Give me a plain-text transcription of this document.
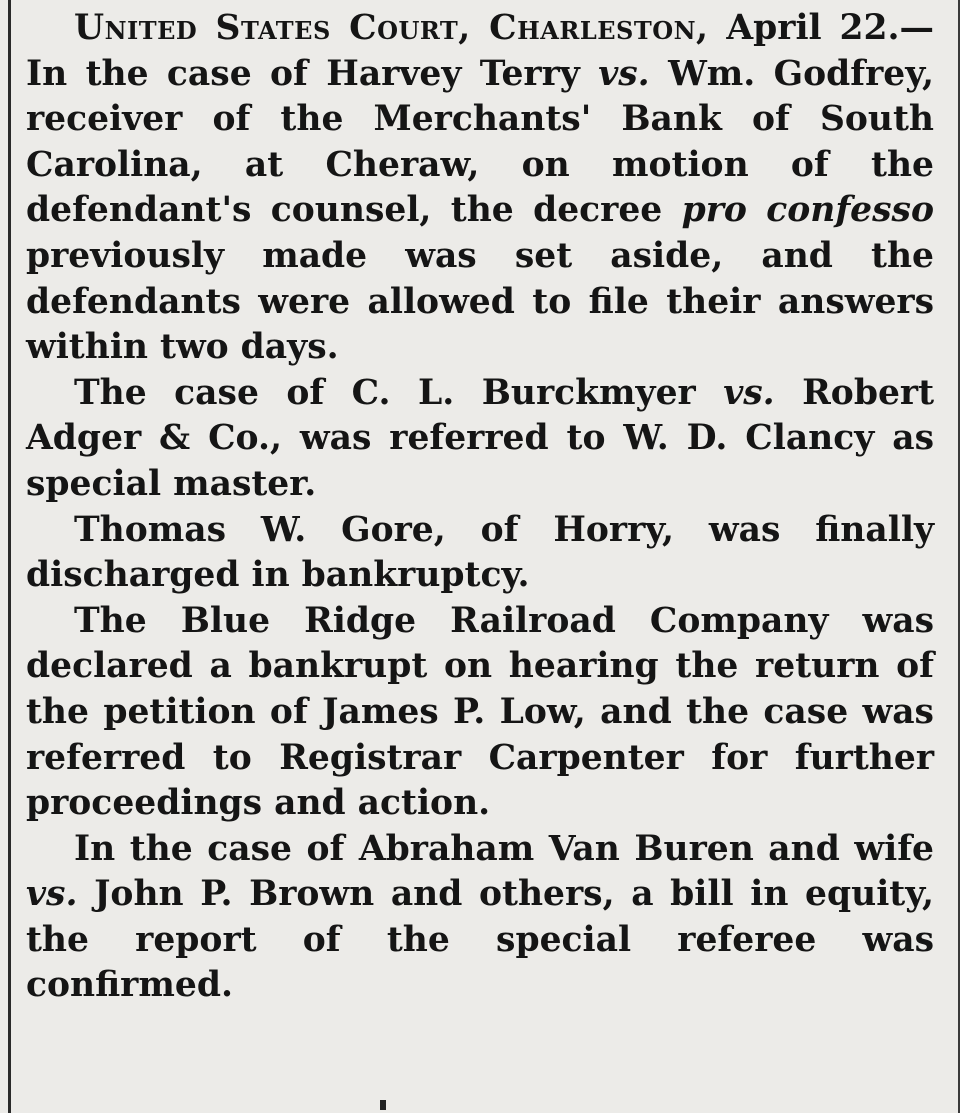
United States Court, Charleston, April 22.—In the case of Harvey Terry vs. Wm. Godfrey, receiver of the Merchants' Bank of South Carolina, at Cheraw, on motion of the defendant's counsel, the decree pro confesso previously made was set aside, and the defendants were allowed to file their answers within two days.

The case of C. L. Burckmyer vs. Robert Adger & Co., was referred to W. D. Clancy as special master.

Thomas W. Gore, of Horry, was finally discharged in bankruptcy.

The Blue Ridge Railroad Company was declared a bankrupt on hearing the return of the petition of James P. Low, and the case was referred to Registrar Carpenter for further proceedings and action.

In the case of Abraham Van Buren and wife vs. John P. Brown and others, a bill in equity, the report of the special referee was confirmed.
